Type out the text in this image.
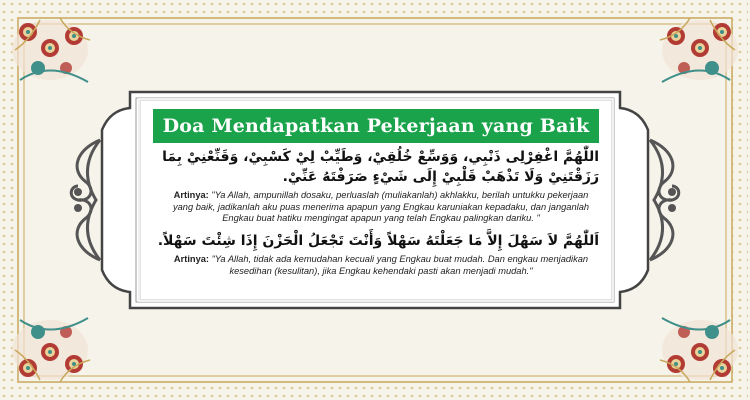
Doa Mendapatkan Pekerjaan yang Baik
اللّٰهُمَّ اغْفِرْلِى ذَنْبِي، وَوَسِّعْ خُلُقِيْ، وَطَيِّبْ لِيْ كَسْبِيْ، وَقَنِّعْنِيْ بِمَا رَزَقْتَنِيْ وَلَا تَذْهَبْ قَلْبِيْ إِلَى شَيْءٍ صَرَفْتَهُ عَنِّيْ.
Artinya: "Ya Allah, ampunillah dosaku, perluaslah (muliakanlah) akhlakku, berilah untukku pekerjaan yang baik, jadikanlah aku puas menerima apapun yang Engkau karuniakan kepadaku, dan janganlah Engkau buat hatiku mengingat apapun yang telah Engkau palingkan dariku. "
اَللّٰهُمَّ لاَ سَهْلَ إِلاَّ مَا جَعَلْتَهُ سَهْلاً وَأَنْتَ تَجْعَلُ الْحَزْنَ إِذَا شِئْتَ سَهْلاً.
Artinya: "Ya Allah, tidak ada kemudahan kecuali yang Engkau buat mudah. Dan engkau menjadikan kesedihan (kesulitan), jika Engkau kehendaki pasti akan menjadi mudah."
